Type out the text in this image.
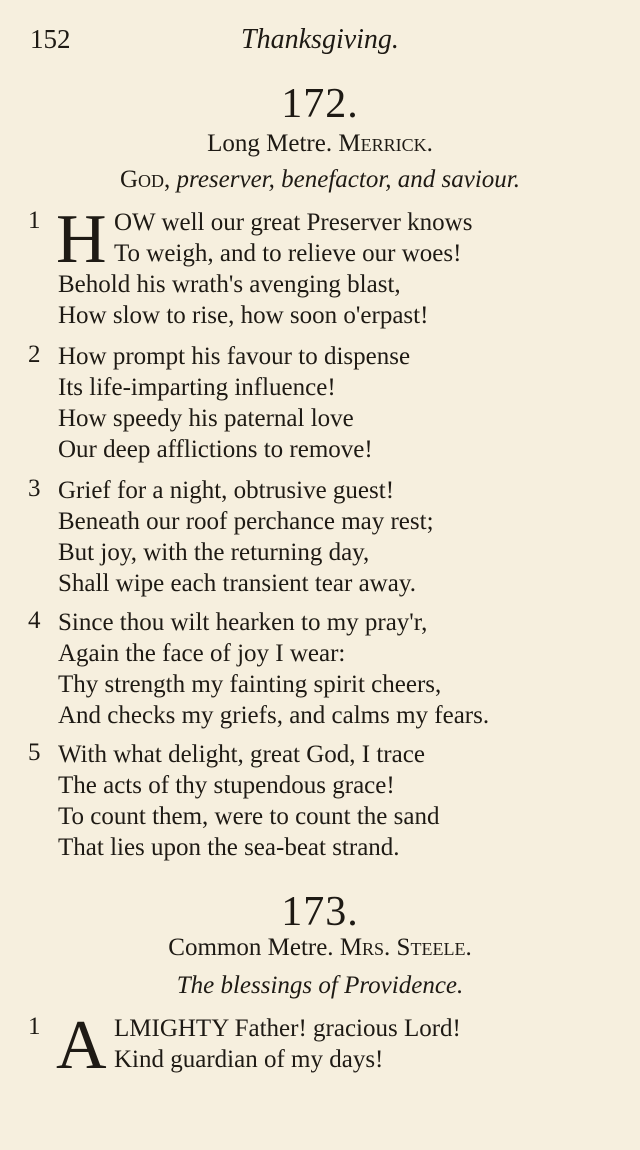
152	Thanksgiving.
172.
Long Metre. Merrick.
God, preserver, benefactor, and saviour.
1 H OW well our great Preserver knows
To weigh, and to relieve our woes!
Behold his wrath's avenging blast,
How slow to rise, how soon o'erpast!
2 How prompt his favour to dispense
Its life-imparting influence!
How speedy his paternal love
Our deep afflictions to remove!
3 Grief for a night, obtrusive guest!
Beneath our roof perchance may rest;
But joy, with the returning day,
Shall wipe each transient tear away.
4 Since thou wilt hearken to my pray'r,
Again the face of joy I wear:
Thy strength my fainting spirit cheers,
And checks my griefs, and calms my fears.
5 With what delight, great God, I trace
The acts of thy stupendous grace!
To count them, were to count the sand
That lies upon the sea-beat strand.
173.
Common Metre. Mrs. Steele.
The blessings of Providence.
1 A LMIGHTY Father! gracious Lord!
Kind guardian of my days!
